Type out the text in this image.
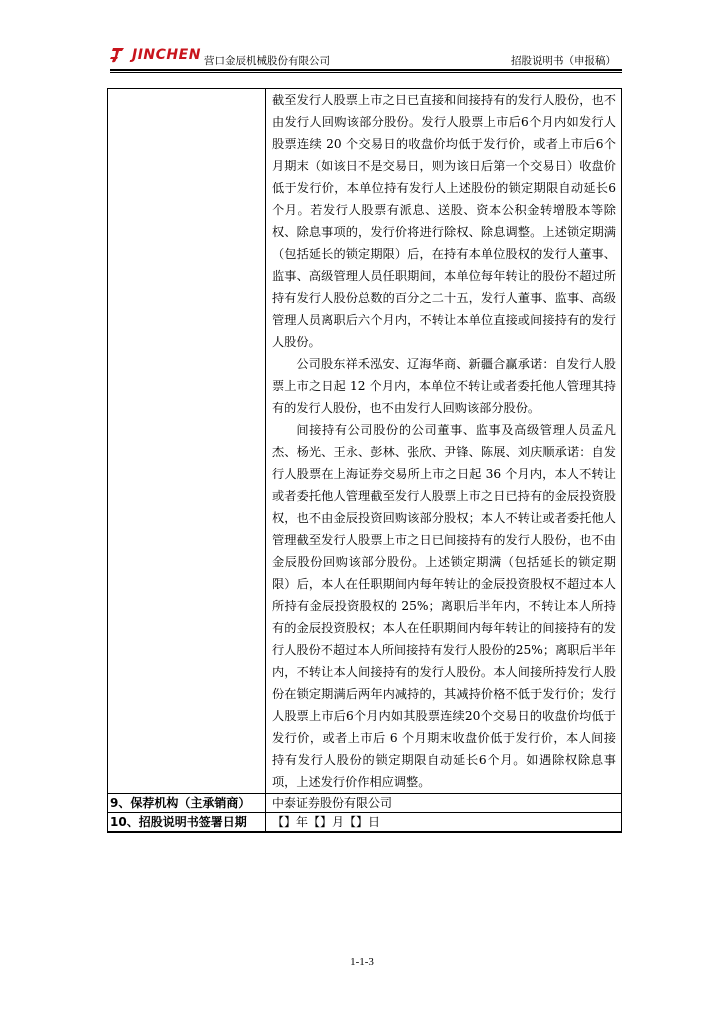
JINCHEN 营口金辰机械股份有限公司	招股说明书（申报稿）

	截至发行人股票上市之日已直接和间接持有的发行人股份，也不由发行人回购该部分股份。发行人股票上市后6个月内如发行人股票连续 20 个交易日的收盘价均低于发行价，或者上市后6个月期末（如该日不是交易日，则为该日后第一个交易日）收盘价低于发行价，本单位持有发行人上述股份的锁定期限自动延长6个月。若发行人股票有派息、送股、资本公积金转增股本等除权、除息事项的，发行价将进行除权、除息调整。上述锁定期满（包括延长的锁定期限）后，在持有本单位股权的发行人董事、监事、高级管理人员任职期间，本单位每年转让的股份不超过所持有发行人股份总数的百分之二十五，发行人董事、监事、高级管理人员离职后六个月内，不转让本单位直接或间接持有的发行人股份。

公司股东祥禾泓安、辽海华商、新疆合赢承诺：自发行人股票上市之日起 12 个月内，本单位不转让或者委托他人管理其持有的发行人股份，也不由发行人回购该部分股份。

间接持有公司股份的公司董事、监事及高级管理人员孟凡杰、杨光、王永、彭林、张欣、尹锋、陈展、刘庆顺承诺：自发行人股票在上海证券交易所上市之日起 36 个月内，本人不转让或者委托他人管理截至发行人股票上市之日已持有的金辰投资股权，也不由金辰投资回购该部分股权；本人不转让或者委托他人管理截至发行人股票上市之日已间接持有的发行人股份，也不由金辰股份回购该部分股份。上述锁定期满（包括延长的锁定期限）后，本人在任职期间内每年转让的金辰投资股权不超过本人所持有金辰投资股权的 25%；离职后半年内，不转让本人所持有的金辰投资股权；本人在任职期间内每年转让的间接持有的发行人股份不超过本人所间接持有发行人股份的25%；离职后半年内，不转让本人间接持有的发行人股份。本人间接所持发行人股份在锁定期满后两年内减持的，其减持价格不低于发行价；发行人股票上市后6个月内如其股票连续20个交易日的收盘价均低于发行价，或者上市后 6 个月期末收盘价低于发行价，本人间接持有发行人股份的锁定期限自动延长6个月。如遇除权除息事项，上述发行价作相应调整。

9、保荐机构（主承销商）	中泰证券股份有限公司
10、招股说明书签署日期	【】年【】月【】日
1-1-3
